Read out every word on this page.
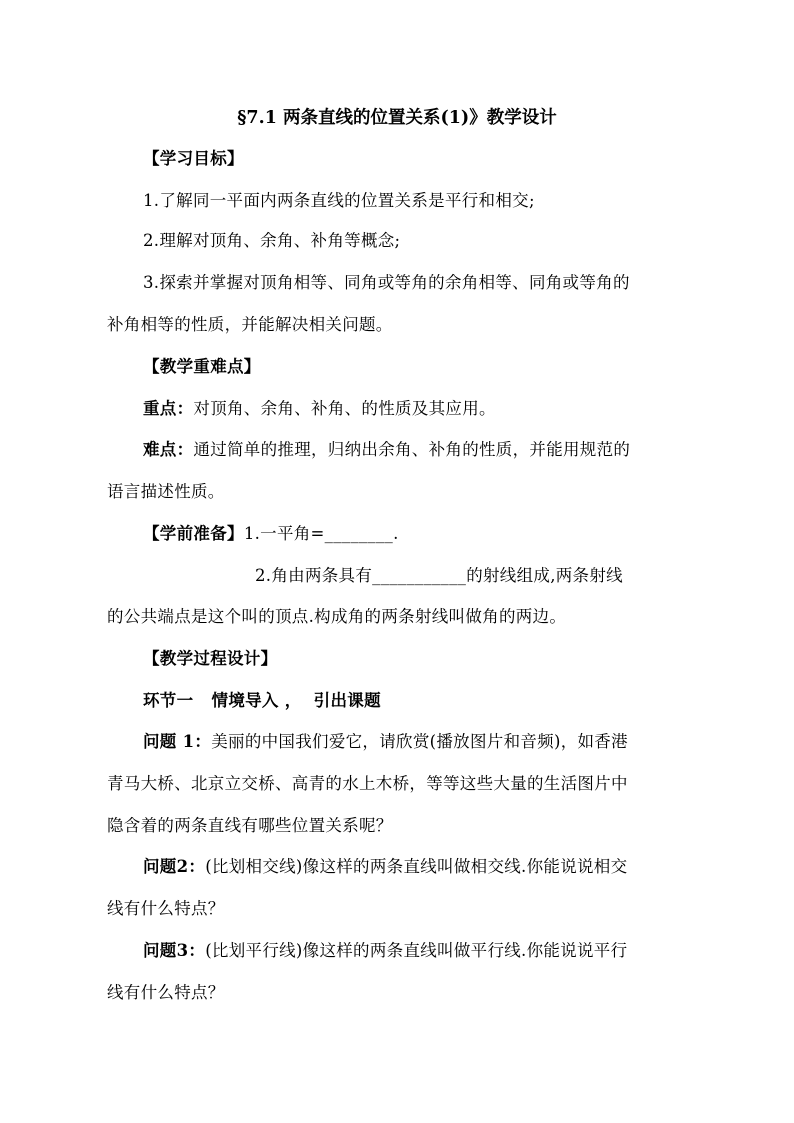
§7.1 两条直线的位置关系(1)》教学设计
【学习目标】
1.了解同一平面内两条直线的位置关系是平行和相交;
2.理解对顶角、余角、补角等概念;
3.探索并掌握对顶角相等、同角或等角的余角相等、同角或等角的
补角相等的性质，并能解决相关问题。
【教学重难点】
重点：对顶角、余角、补角、的性质及其应用。
难点：通过简单的推理，归纳出余角、补角的性质，并能用规范的
语言描述性质。
【学前准备】1.一平角=________.
2.角由两条具有___________的射线组成,两条射线
的公共端点是这个叫的顶点.构成角的两条射线叫做角的两边。
【教学过程设计】
环节一   情境导入 ，  引出课题
问题 1：美丽的中国我们爱它，请欣赏(播放图片和音频)，如香港
青马大桥、北京立交桥、高青的水上木桥，等等这些大量的生活图片中
隐含着的两条直线有哪些位置关系呢？
问题2：(比划相交线)像这样的两条直线叫做相交线.你能说说相交
线有什么特点？
问题3：(比划平行线)像这样的两条直线叫做平行线.你能说说平行
线有什么特点？
